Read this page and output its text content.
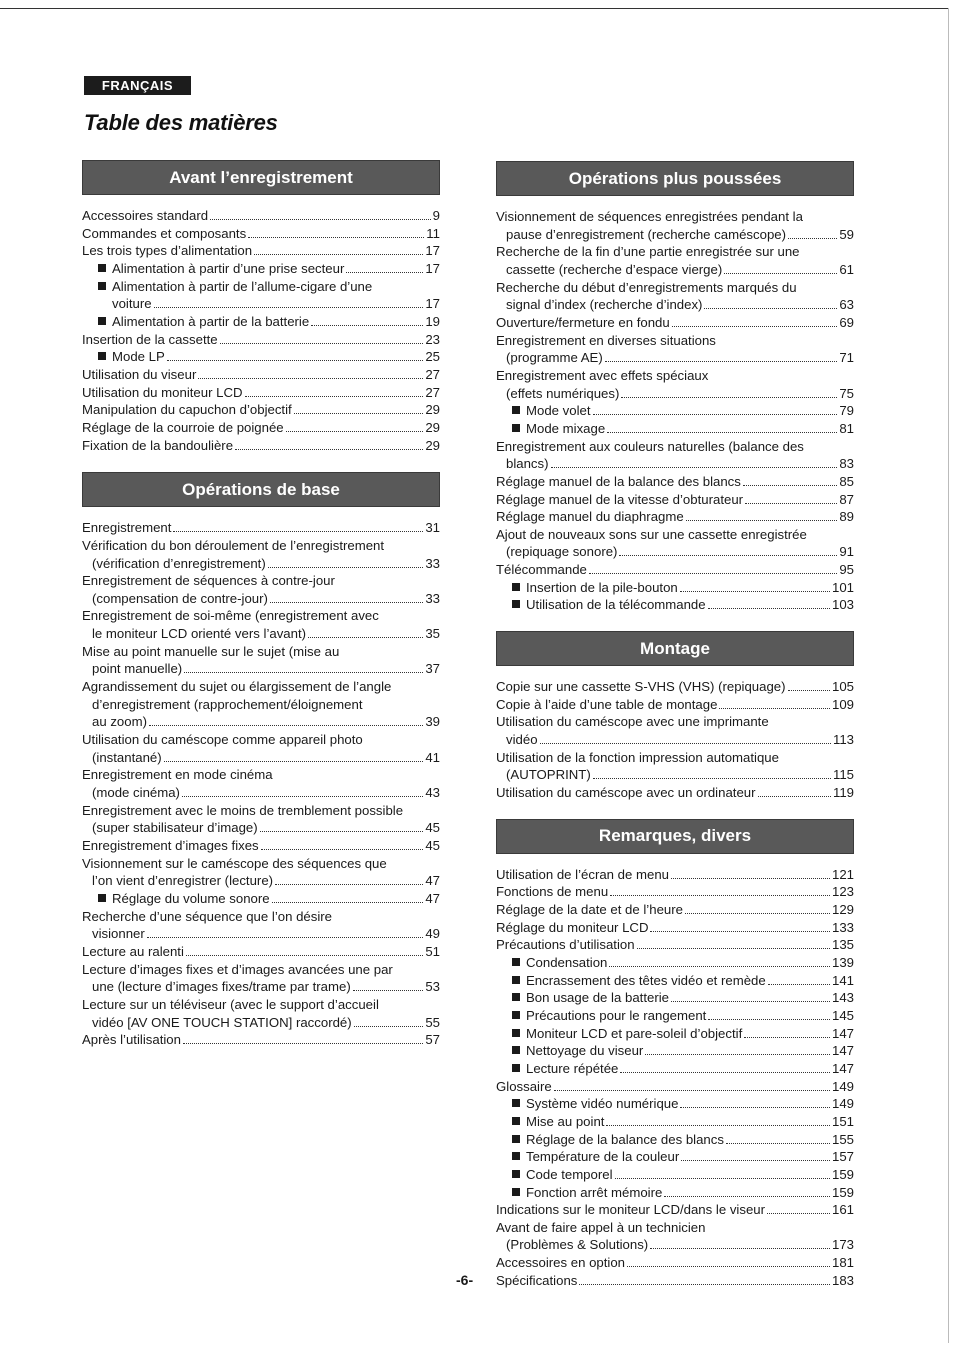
FRANÇAIS
Table des matières
Avant l’enregistrement
Accessoires standard	9
Commandes et composants	11
Les trois types d’alimentation	17
Alimentation à partir d’une prise secteur	17
Alimentation à partir de l’allume-cigare d’une
voiture	17
Alimentation à partir de la batterie	19
Insertion de la cassette	23
Mode LP	25
Utilisation du viseur	27
Utilisation du moniteur LCD	27
Manipulation du capuchon d’objectif	29
Réglage de la courroie de poignée	29
Fixation de la bandoulière	29
Opérations de base
Enregistrement	31
Vérification du bon déroulement de l’enregistrement
(vérification d’enregistrement)	33
Enregistrement de séquences à contre-jour
(compensation de contre-jour)	33
Enregistrement de soi-même (enregistrement avec
le moniteur LCD orienté vers l’avant)	35
Mise au point manuelle sur le sujet (mise au
point manuelle)	37
Agrandissement du sujet ou élargissement de l’angle
d’enregistrement (rapprochement/éloignement
au zoom)	39
Utilisation du caméscope comme appareil photo
(instantané)	41
Enregistrement en mode cinéma
(mode cinéma)	43
Enregistrement avec le moins de tremblement possible
(super stabilisateur d’image)	45
Enregistrement d’images fixes	45
Visionnement sur le caméscope des séquences que
l’on vient d’enregistrer (lecture)	47
Réglage du volume sonore	47
Recherche d’une séquence que l’on désire
visionner	49
Lecture au ralenti	51
Lecture d’images fixes et d’images avancées une par
une (lecture d’images fixes/trame par trame)	53
Lecture sur un téléviseur (avec le support d’accueil
vidéo [AV ONE TOUCH STATION] raccordé)	55
Après l’utilisation	57
Opérations plus poussées
Visionnement de séquences enregistrées pendant la
pause d’enregistrement (recherche caméscope)	59
Recherche de la fin d’une partie enregistrée sur une
cassette (recherche d’espace vierge)	61
Recherche du début d’enregistrements marqués du
signal d’index (recherche d’index)	63
Ouverture/fermeture en fondu	69
Enregistrement en diverses situations
(programme AE)	71
Enregistrement avec effets spéciaux
(effets numériques)	75
Mode volet	79
Mode mixage	81
Enregistrement aux couleurs naturelles (balance des
blancs)	83
Réglage manuel de la balance des blancs	85
Réglage manuel de la vitesse d’obturateur	87
Réglage manuel du diaphragme	89
Ajout de nouveaux sons sur une cassette enregistrée
(repiquage sonore)	91
Télécommande	95
Insertion de la pile-bouton	101
Utilisation de la télécommande	103
Montage
Copie sur une cassette S-VHS (VHS) (repiquage)	105
Copie à l’aide d’une table de montage	109
Utilisation du caméscope avec une imprimante
vidéo	113
Utilisation de la fonction impression automatique
(AUTOPRINT)	115
Utilisation du caméscope avec un ordinateur	119
Remarques, divers
Utilisation de l’écran de menu	121
Fonctions de menu	123
Réglage de la date et de l’heure	129
Réglage du moniteur LCD	133
Précautions d’utilisation	135
Condensation	139
Encrassement des têtes vidéo et remède	141
Bon usage de la batterie	143
Précautions pour le rangement	145
Moniteur LCD et pare-soleil d’objectif	147
Nettoyage du viseur	147
Lecture répétée	147
Glossaire	149
Système vidéo numérique	149
Mise au point	151
Réglage de la balance des blancs	155
Température de la couleur	157
Code temporel	159
Fonction arrêt mémoire	159
Indications sur le moniteur LCD/dans le viseur	161
Avant de faire appel à un technicien
(Problèmes & Solutions)	173
Accessoires en option	181
Spécifications	183
-6-
